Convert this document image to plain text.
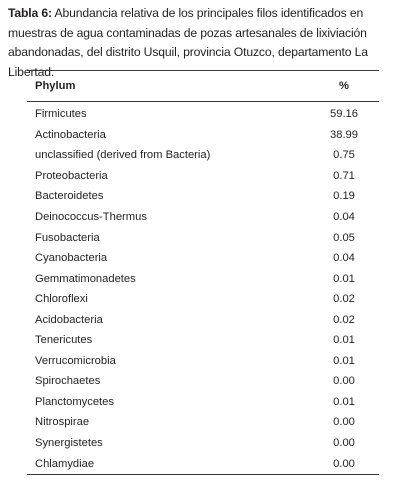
Tabla 6: Abundancia relativa de los principales filos identificados en muestras de agua contaminadas de pozas artesanales de lixiviación abandonadas, del distrito Usquil, provincia Otuzco, departamento La Libertad.
Phylum	%
Firmicutes	59.16
Actinobacteria	38.99
unclassified (derived from Bacteria)	0.75
Proteobacteria	0.71
Bacteroidetes	0.19
Deinococcus-Thermus	0.04
Fusobacteria	0.05
Cyanobacteria	0.04
Gemmatimonadetes	0.01
Chloroflexi	0.02
Acidobacteria	0.02
Tenericutes	0.01
Verrucomicrobia	0.01
Spirochaetes	0.00
Planctomycetes	0.01
Nitrospirae	0.00
Synergistetes	0.00
Chlamydiae	0.00
